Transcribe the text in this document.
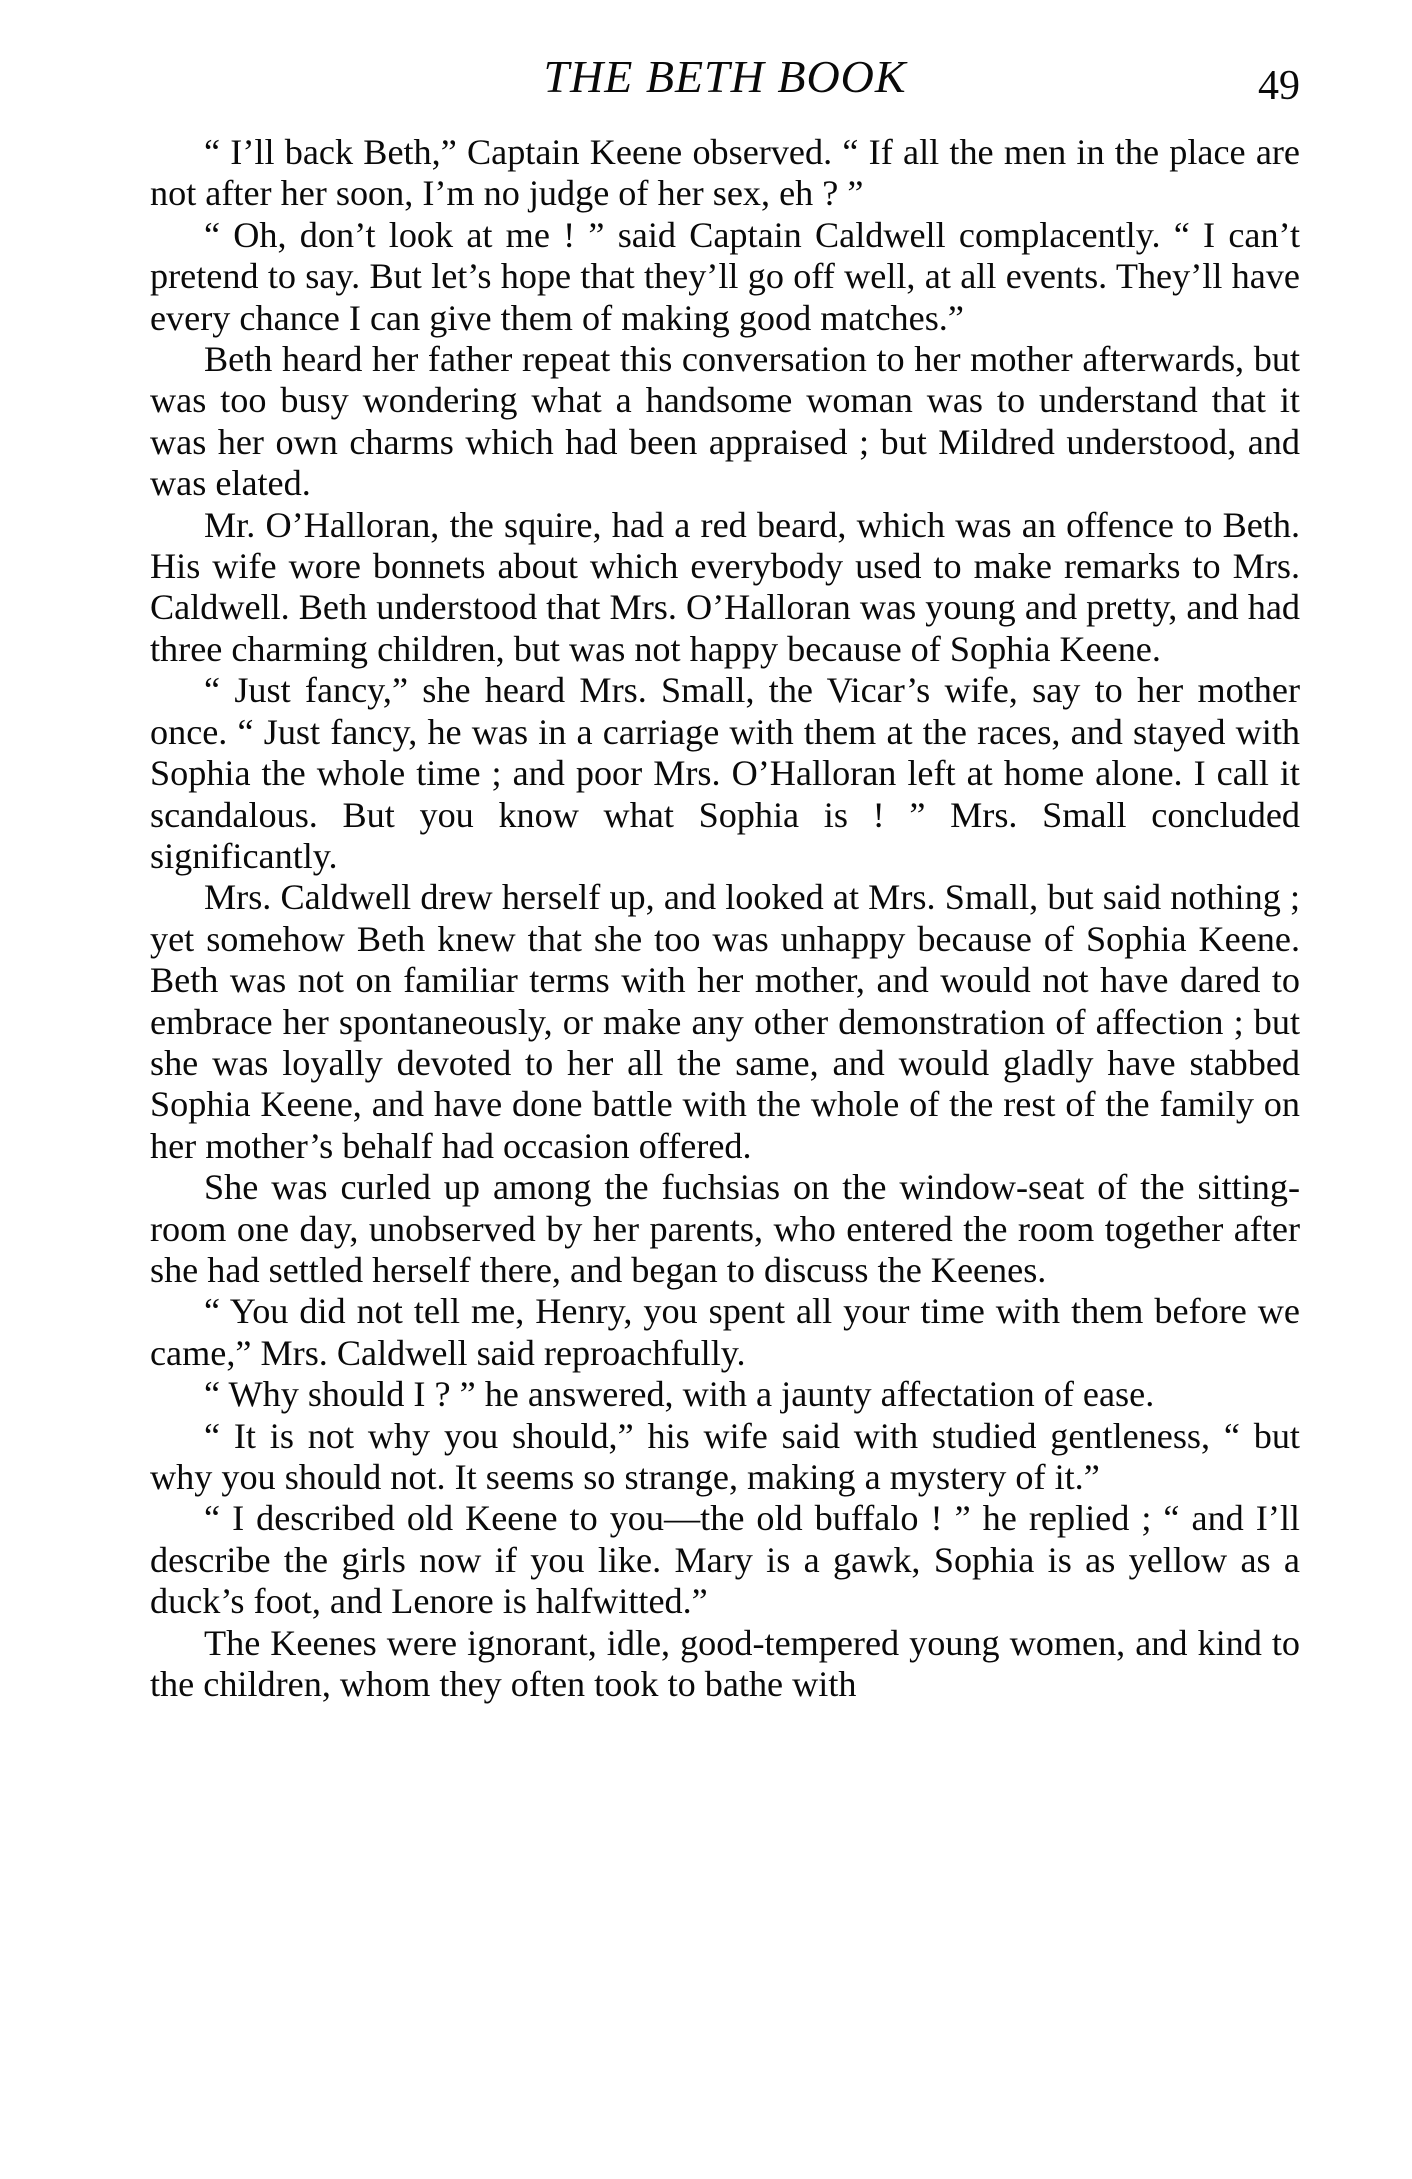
THE BETH BOOK	49

“ I’ll back Beth,” Captain Keene observed. “ If all the men in the place are not after her soon, I’m no judge of her sex, eh ? ”

“ Oh, don’t look at me ! ” said Captain Caldwell complacently. “ I can’t pretend to say. But let’s hope that they’ll go off well, at all events. They’ll have every chance I can give them of making good matches.”

Beth heard her father repeat this conversation to her mother afterwards, but was too busy wondering what a handsome woman was to understand that it was her own charms which had been appraised ; but Mildred understood, and was elated.

Mr. O’Halloran, the squire, had a red beard, which was an offence to Beth. His wife wore bonnets about which everybody used to make remarks to Mrs. Caldwell. Beth understood that Mrs. O’Halloran was young and pretty, and had three charming children, but was not happy because of Sophia Keene.

“ Just fancy,” she heard Mrs. Small, the Vicar’s wife, say to her mother once. “ Just fancy, he was in a carriage with them at the races, and stayed with Sophia the whole time ; and poor Mrs. O’Halloran left at home alone. I call it scandalous. But you know what Sophia is ! ” Mrs. Small concluded significantly.

Mrs. Caldwell drew herself up, and looked at Mrs. Small, but said nothing ; yet somehow Beth knew that she too was unhappy because of Sophia Keene. Beth was not on familiar terms with her mother, and would not have dared to embrace her spontaneously, or make any other demonstration of affection ; but she was loyally devoted to her all the same, and would gladly have stabbed Sophia Keene, and have done battle with the whole of the rest of the family on her mother’s behalf had occasion offered.

She was curled up among the fuchsias on the window-seat of the sitting-room one day, unobserved by her parents, who entered the room together after she had settled herself there, and began to discuss the Keenes.

“ You did not tell me, Henry, you spent all your time with them before we came,” Mrs. Caldwell said reproachfully.

“ Why should I ? ” he answered, with a jaunty affectation of ease.

“ It is not why you should,” his wife said with studied gentleness, “ but why you should not. It seems so strange, making a mystery of it.”

“ I described old Keene to you—the old buffalo ! ” he replied ; “ and I’ll describe the girls now if you like. Mary is a gawk, Sophia is as yellow as a duck’s foot, and Lenore is halfwitted.”

The Keenes were ignorant, idle, good-tempered young women, and kind to the children, whom they often took to bathe with
